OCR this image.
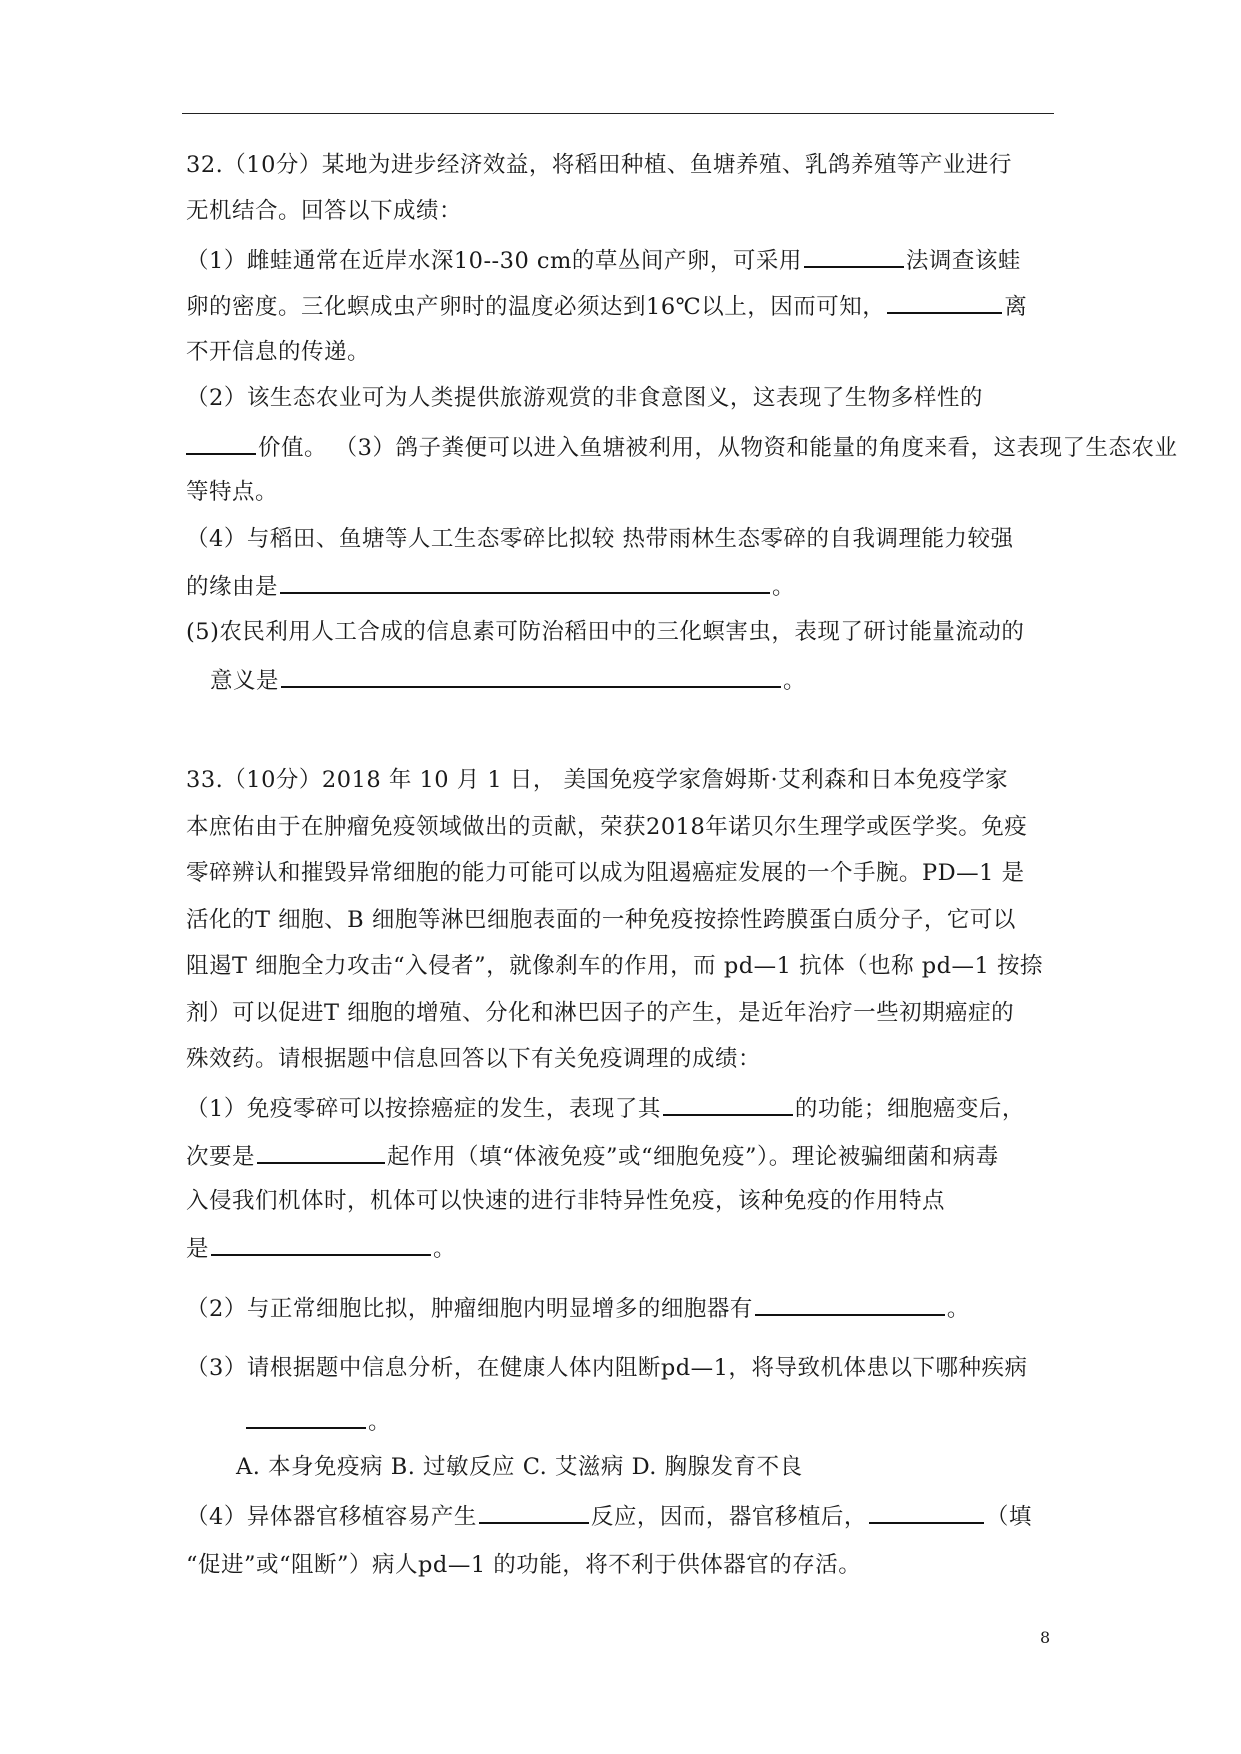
32.（10分）某地为进步经济效益，将稻田种植、鱼塘养殖、乳鸽养殖等产业进行
无机结合。回答以下成绩：
（1）雌蛙通常在近岸水深10--30 cm的草丛间产卵，可采用	法调查该蛙
卵的密度。三化螟成虫产卵时的温度必须达到16℃以上，因而可知，	离
不开信息的传递。
（2）该生态农业可为人类提供旅游观赏的非食意图义，这表现了生物多样性的
价值。 （3）鸽子粪便可以进入鱼塘被利用，从物资和能量的角度来看，这表现了生态农业
等特点。
（4）与稻田、鱼塘等人工生态零碎比拟较 热带雨林生态零碎的自我调理能力较强
的缘由是	。
(5)农民利用人工合成的信息素可防治稻田中的三化螟害虫，表现了研讨能量流动的
意义是	。
33.（10分）2018 年 10 月 1 日， 美国免疫学家詹姆斯·艾利森和日本免疫学家
本庶佑由于在肿瘤免疫领域做出的贡献，荣获2018年诺贝尔生理学或医学奖。免疫
零碎辨认和摧毁异常细胞的能力可能可以成为阻遏癌症发展的一个手腕。PD—1 是
活化的T 细胞、B 细胞等淋巴细胞表面的一种免疫按捺性跨膜蛋白质分子，它可以
阻遏T 细胞全力攻击“入侵者”，就像刹车的作用，而 pd—1 抗体（也称 pd—1 按捺
剂）可以促进T 细胞的增殖、分化和淋巴因子的产生，是近年治疗一些初期癌症的
殊效药。请根据题中信息回答以下有关免疫调理的成绩：
（1）免疫零碎可以按捺癌症的发生，表现了其	的功能；细胞癌变后，
次要是	起作用（填“体液免疫”或“细胞免疫”）。理论被骗细菌和病毒
入侵我们机体时，机体可以快速的进行非特异性免疫，该种免疫的作用特点
是	。
（2）与正常细胞比拟，肿瘤细胞内明显增多的细胞器有	。
（3）请根据题中信息分析，在健康人体内阻断pd—1，将导致机体患以下哪种疾病
。
A. 本身免疫病 B. 过敏反应 C. 艾滋病 D. 胸腺发育不良
（4）异体器官移植容易产生	反应，因而，器官移植后，	（填
“促进”或“阻断”）病人pd—1 的功能，将不利于供体器官的存活。
8
